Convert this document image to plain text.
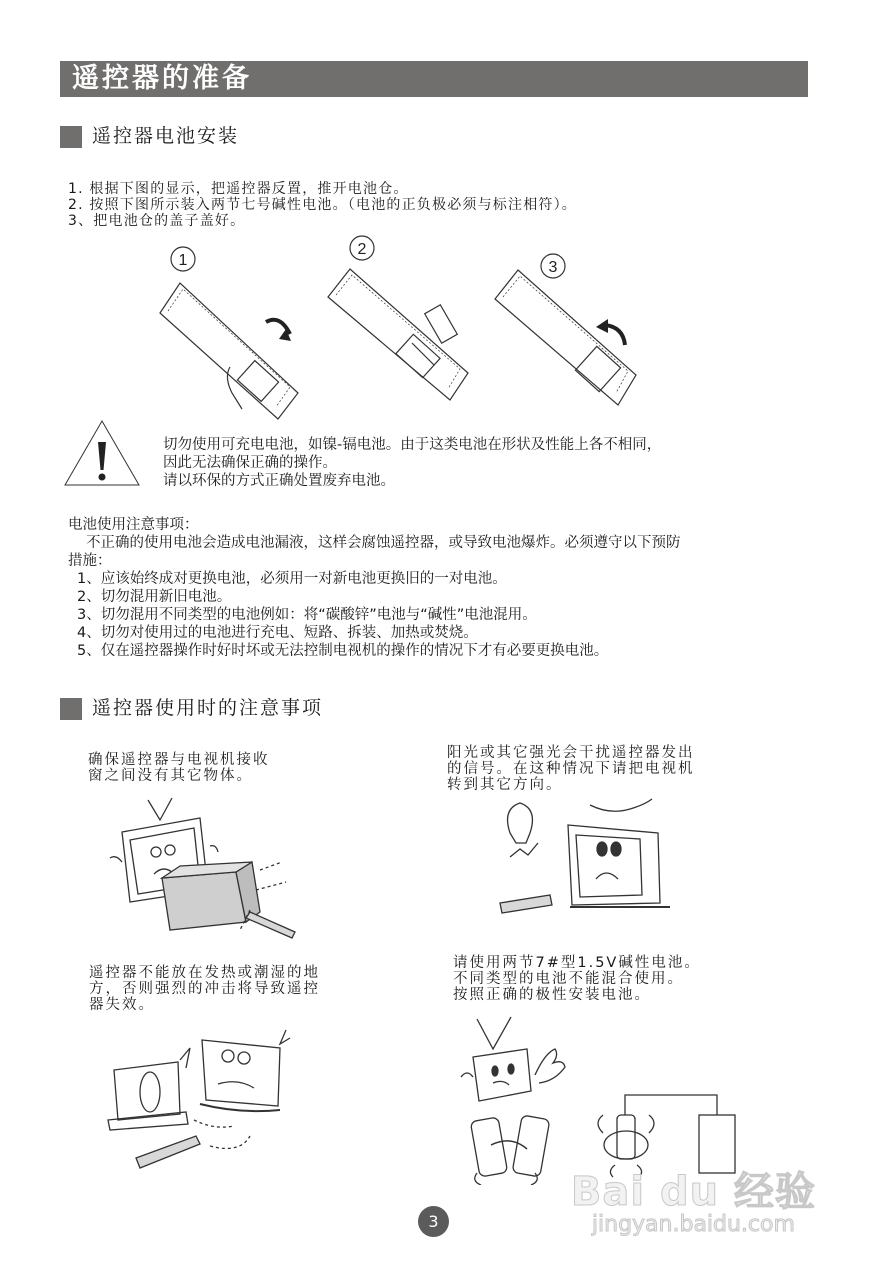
遥控器的准备
遥控器电池安装
1. 根据下图的显示，把遥控器反置，推开电池仓。
2. 按照下图所示装入两节七号碱性电池。（电池的正负极必须与标注相符）。
3、把电池仓的盖子盖好。
1
2
3
切勿使用可充电电池，如镍-镉电池。由于这类电池在形状及性能上各不相同，
因此无法确保正确的操作。
请以环保的方式正确处置废弃电池。
电池使用注意事项：
不正确的使用电池会造成电池漏液，这样会腐蚀遥控器，或导致电池爆炸。必须遵守以下预防
措施：
1、应该始终成对更换电池，必须用一对新电池更换旧的一对电池。
2、切勿混用新旧电池。
3、切勿混用不同类型的电池例如：将“碳酸锌”电池与“碱性”电池混用。
4、切勿对使用过的电池进行充电、短路、拆装、加热或焚烧。
5、仅在遥控器操作时好时坏或无法控制电视机的操作的情况下才有必要更换电池。
遥控器使用时的注意事项
确保遥控器与电视机接收
窗之间没有其它物体。
阳光或其它强光会干扰遥控器发出
的信号。在这种情况下请把电视机
转到其它方向。
遥控器不能放在发热或潮湿的地
方，否则强烈的冲击将导致遥控
器失效。
请使用两节7#型1.5V碱性电池。
不同类型的电池不能混合使用。
按照正确的极性安装电池。
3
Bai du 经验
jingyan.baidu.com
